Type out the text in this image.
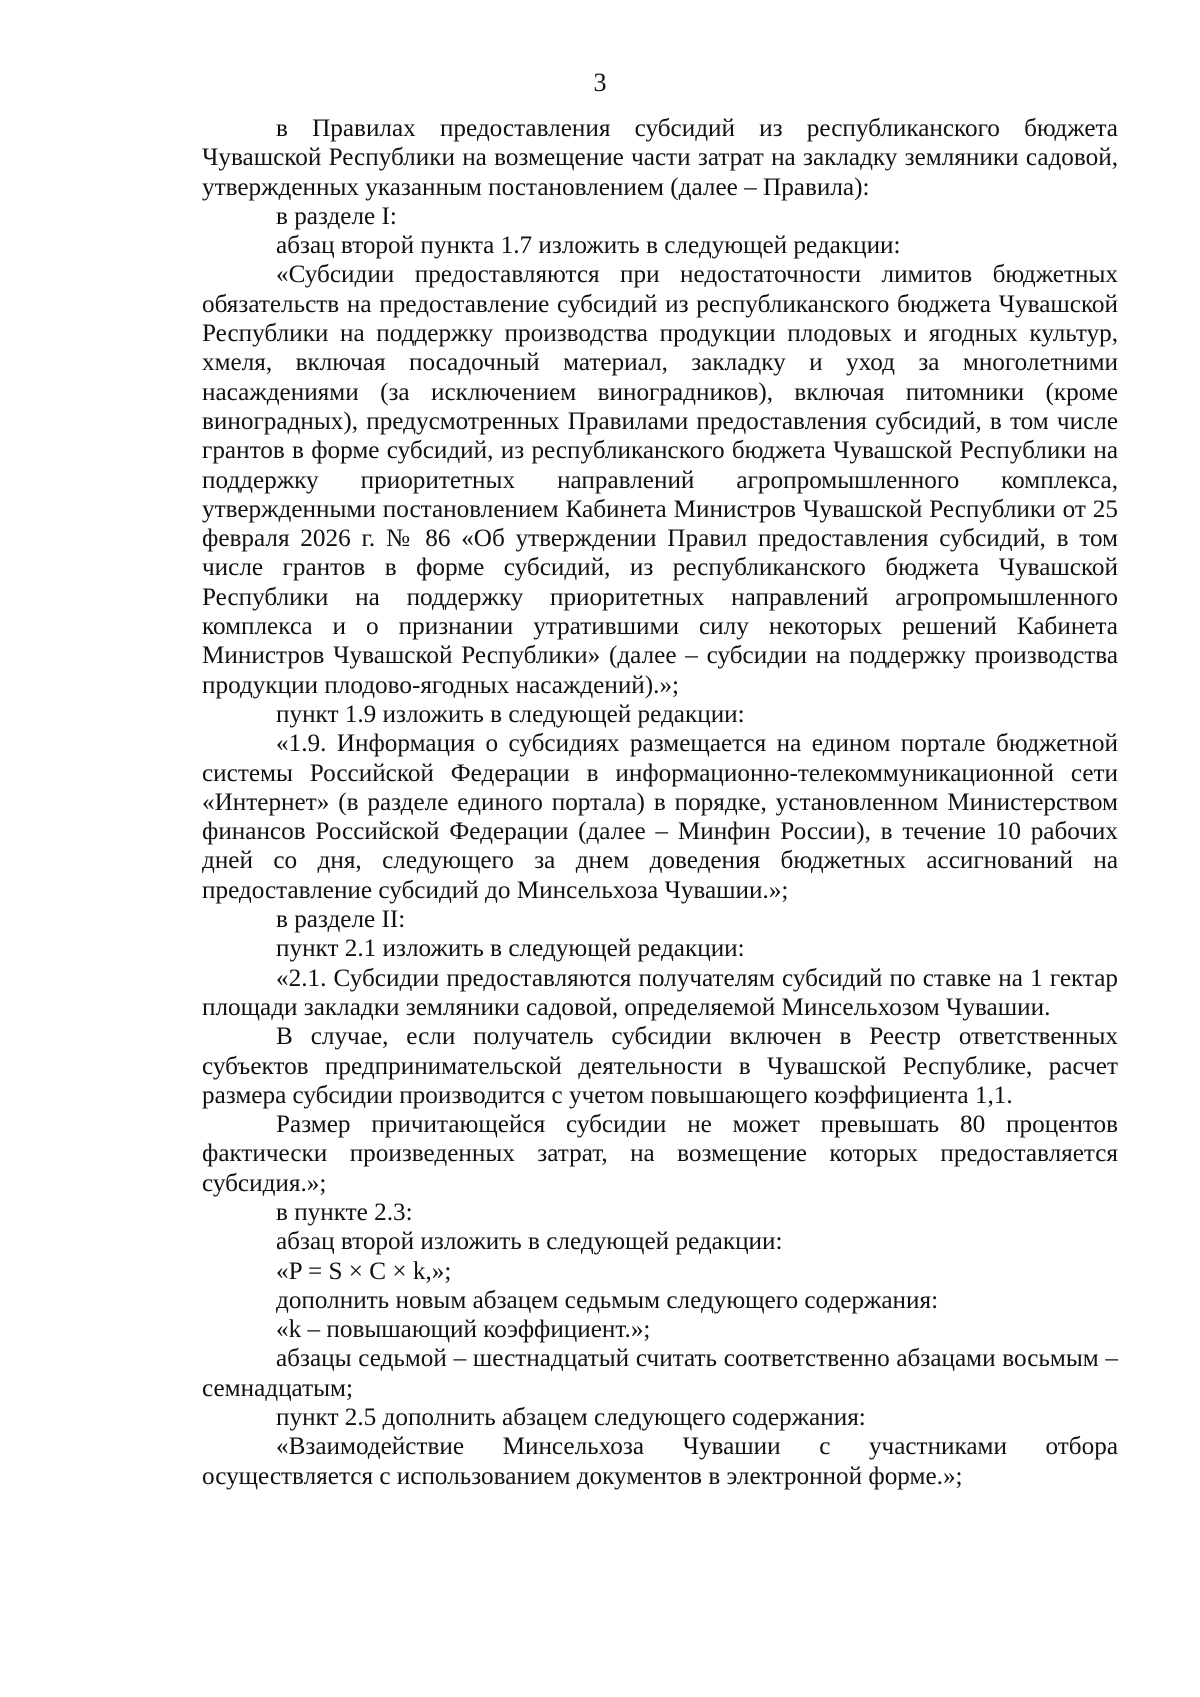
3

в Правилах предоставления субсидий из республиканского бюджета Чувашской Республики на возмещение части затрат на закладку земляники садовой, утвержденных указанным постановлением (далее – Правила):

в разделе I:

абзац второй пункта 1.7 изложить в следующей редакции:

«Субсидии предоставляются при недостаточности лимитов бюджетных обязательств на предоставление субсидий из республиканского бюджета Чувашской Республики на поддержку производства продукции плодовых и ягодных культур, хмеля, включая посадочный материал, закладку и уход за многолетними насаждениями (за исключением виноградников), включая питомники (кроме виноградных), предусмотренных Правилами предоставления субсидий, в том числе грантов в форме субсидий, из республиканского бюджета Чувашской Республики на поддержку приоритетных направлений агропромышленного комплекса, утвержденными постановлением Кабинета Министров Чувашской Республики от 25 февраля 2026 г. № 86 «Об утверждении Правил предоставления субсидий, в том числе грантов в форме субсидий, из республиканского бюджета Чувашской Республики на поддержку приоритетных направлений агропромышленного комплекса и о признании утратившими силу некоторых решений Кабинета Министров Чувашской Республики» (далее – субсидии на поддержку производства продукции плодово-ягодных насаждений).»;

пункт 1.9 изложить в следующей редакции:

«1.9. Информация о субсидиях размещается на едином портале бюджетной системы Российской Федерации в информационно-телекоммуникационной сети «Интернет» (в разделе единого портала) в порядке, установленном Министерством финансов Российской Федерации (далее – Минфин России), в течение 10 рабочих дней со дня, следующего за днем доведения бюджетных ассигнований на предоставление субсидий до Минсельхоза Чувашии.»;

в разделе II:

пункт 2.1 изложить в следующей редакции:

«2.1. Субсидии предоставляются получателям субсидий по ставке на 1 гектар площади закладки земляники садовой, определяемой Минсельхозом Чувашии.

В случае, если получатель субсидии включен в Реестр ответственных субъектов предпринимательской деятельности в Чувашской Республике, расчет размера субсидии производится с учетом повышающего коэффициента 1,1.

Размер причитающейся субсидии не может превышать 80 процентов фактически произведенных затрат, на возмещение которых предоставляется субсидия.»;

в пункте 2.3:

абзац второй изложить в следующей редакции:

«P = S × C × k,»;

дополнить новым абзацем седьмым следующего содержания:

«k – повышающий коэффициент.»;

абзацы седьмой – шестнадцатый считать соответственно абзацами восьмым – семнадцатым;

пункт 2.5 дополнить абзацем следующего содержания:

«Взаимодействие Минсельхоза Чувашии с участниками отбора осуществляется с использованием документов в электронной форме.»;
